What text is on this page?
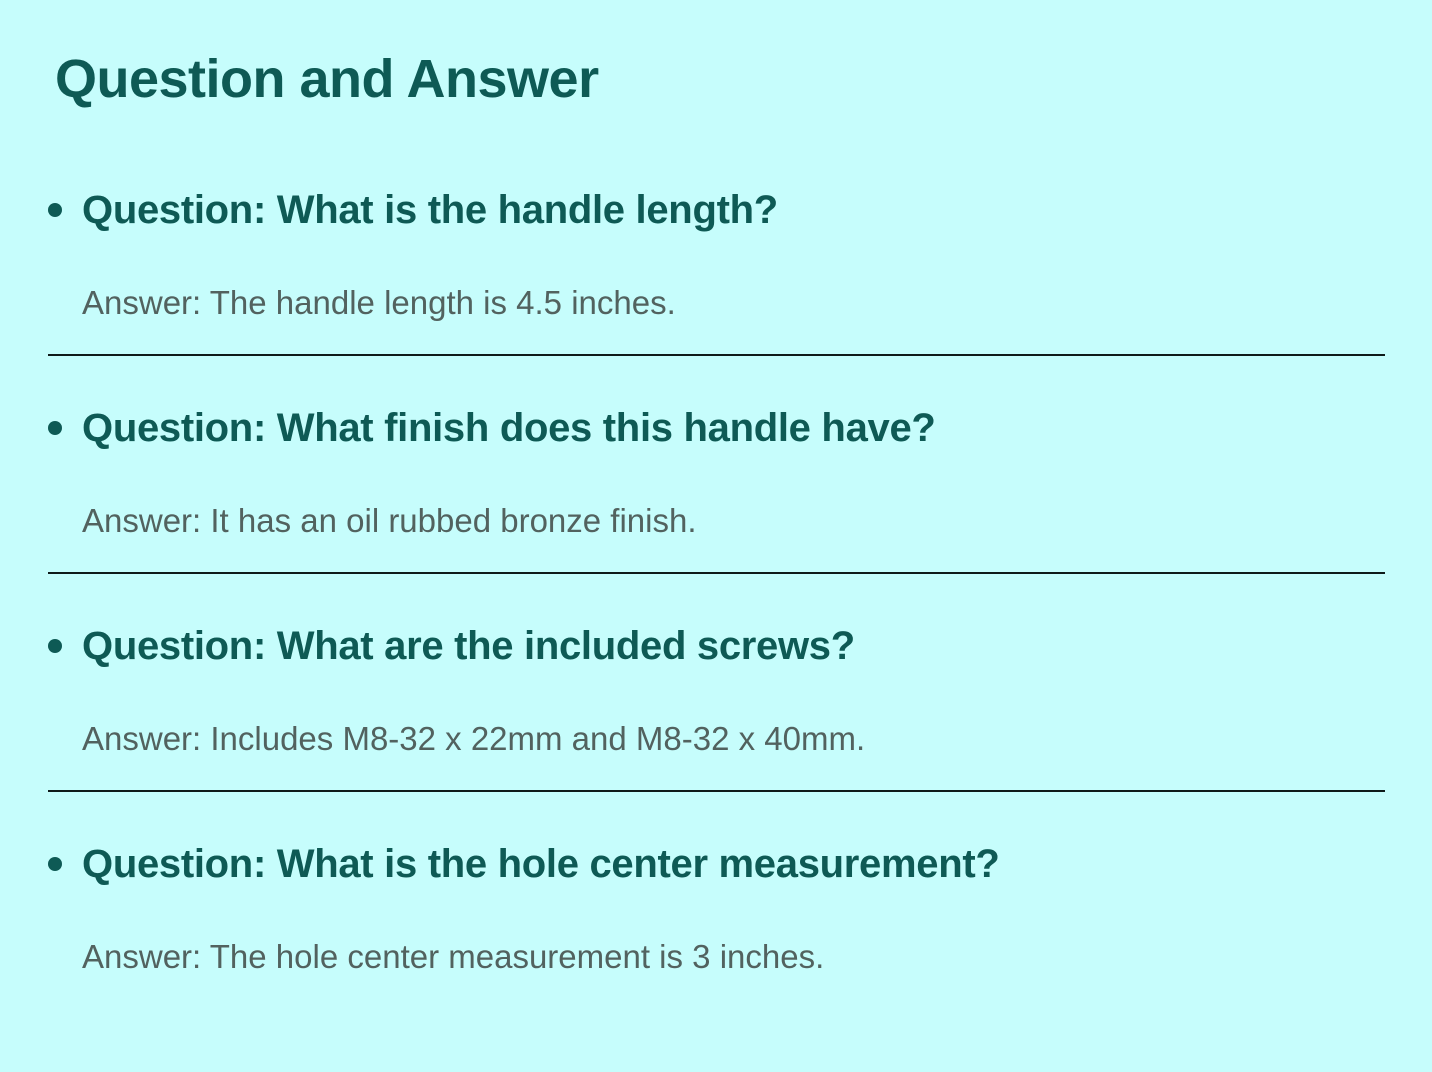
Question and Answer
Question: What is the handle length?

Answer: The handle length is 4.5 inches.

Question: What finish does this handle have?

Answer: It has an oil rubbed bronze finish.

Question: What are the included screws?

Answer: Includes M8-32 x 22mm and M8-32 x 40mm.

Question: What is the hole center measurement?

Answer: The hole center measurement is 3 inches.
